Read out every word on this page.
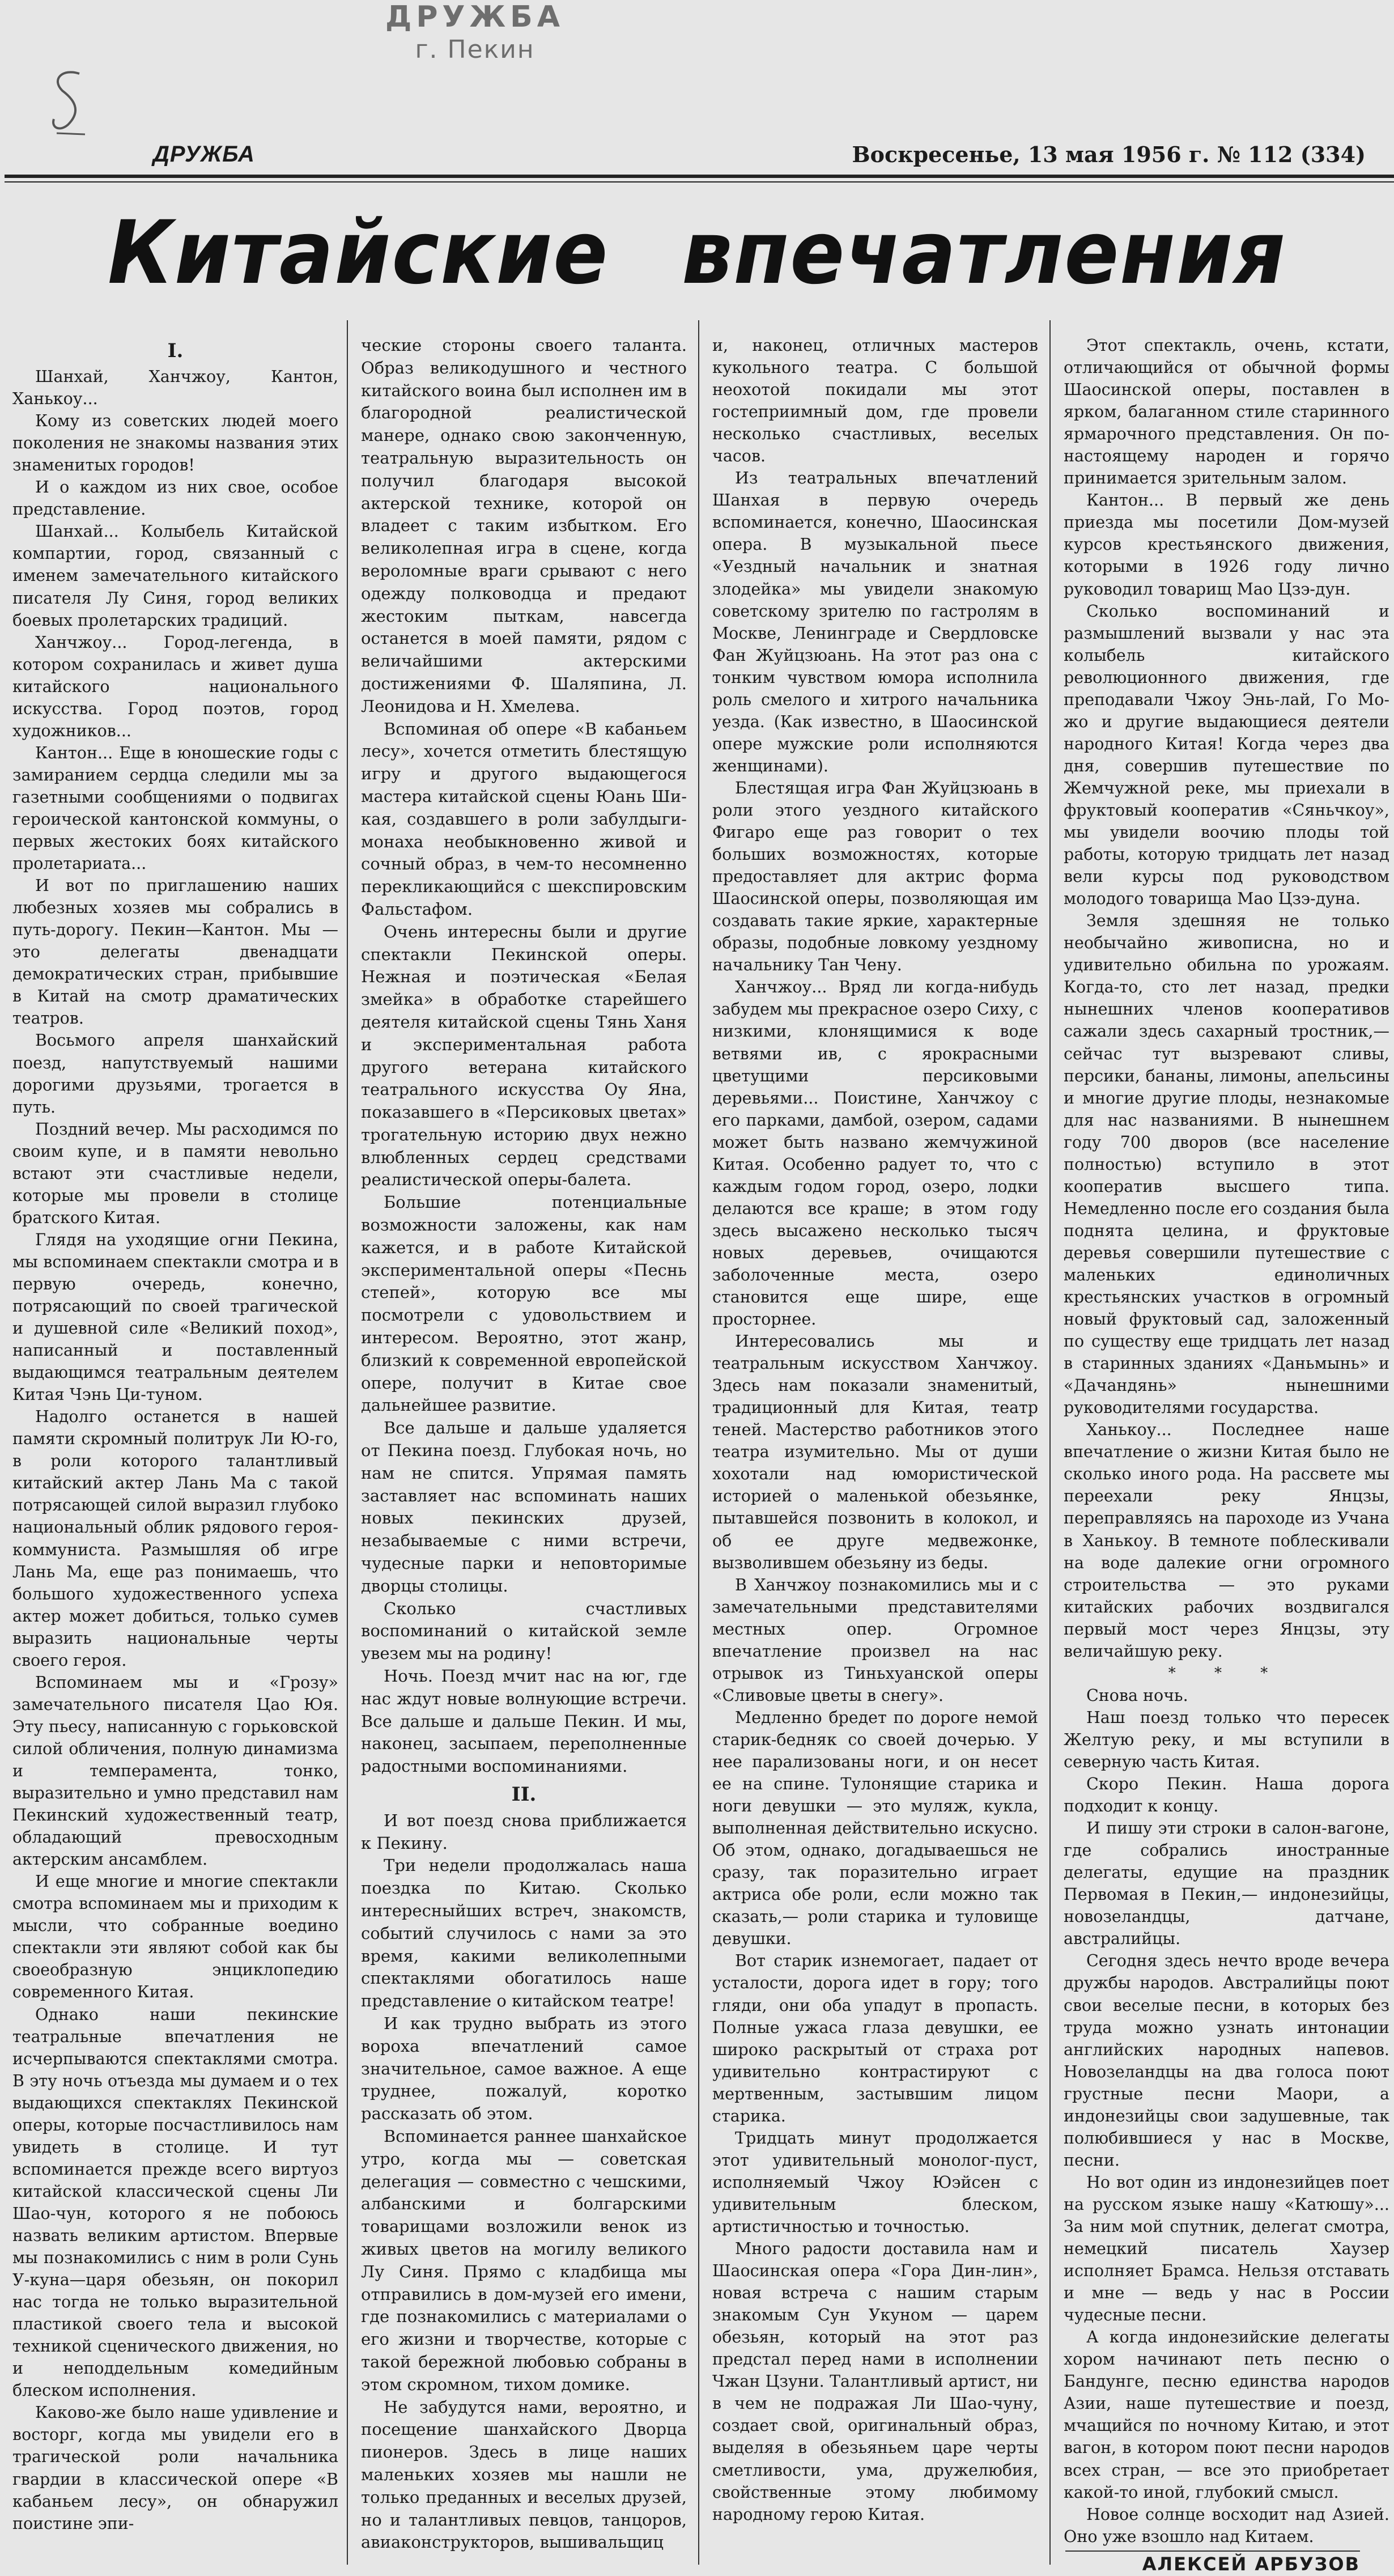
ДРУЖБА
г. Пекин
ДРУЖБА	Воскресенье, 13 мая 1956 г. № 112 (334)
Китайские впечатления

I.

Шанхай, Ханчжоу, Кантон, Ханькоу...

Кому из советских людей моего поколения не знакомы названия этих знаменитых городов!

И о каждом из них свое, особое представление.

Шанхай... Колыбель Китайской компартии, город, связанный с именем замечательного китайского писателя Лу Синя, город великих боевых пролетарских традиций.

Ханчжоу... Город-легенда, в котором сохранилась и живет душа китайского национального искусства. Город поэтов, город художников...

Кантон... Еще в юношеские годы с замиранием сердца следили мы за газетными сообщениями о подвигах героической кантонской коммуны, о первых жестоких боях китайского пролетариата...

И вот по приглашению наших любезных хозяев мы собрались в путь-дорогу. Пекин—Кантон. Мы — это делегаты двенадцати демократических стран, прибывшие в Китай на смотр драматических театров.

Восьмого апреля шанхайский поезд, напутствуемый нашими дорогими друзьями, трогается в путь.

Поздний вечер. Мы расходимся по своим купе, и в памяти невольно встают эти счастливые недели, которые мы провели в столице братского Китая.

Глядя на уходящие огни Пекина, мы вспоминаем спектакли смотра и в первую очередь, конечно, потрясающий по своей трагической и душевной силе «Великий поход», написанный и поставленный выдающимся театральным деятелем Китая Чэнь Ци-туном.

Надолго останется в нашей памяти скромный политрук Ли Ю-го, в роли которого талантливый китайский актер Лань Ма с такой потрясающей силой выразил глубоко национальный облик рядового героя-коммуниста. Размышляя об игре Лань Ма, еще раз понимаешь, что большого художественного успеха актер может добиться, только сумев выразить национальные черты своего героя.

Вспоминаем мы и «Грозу» замечательного писателя Цао Юя. Эту пьесу, написанную с горьковской силой обличения, полную динамизма и темперамента, тонко, выразительно и умно представил нам Пекинский художественный театр, обладающий превосходным актерским ансамблем.

И еще многие и многие спектакли смотра вспоминаем мы и приходим к мысли, что собранные воедино спектакли эти являют собой как бы своеобразную энциклопедию современного Китая.

Однако наши пекинские театральные впечатления не исчерпываются спектаклями смотра. В эту ночь отъезда мы думаем и о тех выдающихся спектаклях Пекинской оперы, которые посчастливилось нам увидеть в столице. И тут вспоминается прежде всего виртуоз китайской классической сцены Ли Шао-чун, которого я не побоюсь назвать великим артистом. Впервые мы познакомились с ним в роли Сунь У-куна—царя обезьян, он покорил нас тогда не только выразительной пластикой своего тела и высокой техникой сценического движения, но и неподдельным комедийным блеском исполнения.

Каково-же было наше удивление и восторг, когда мы увидели его в трагической роли начальника гвардии в классической опере «В кабаньем лесу», он обнаружил поистине эпи-

ческие стороны своего таланта. Образ великодушного и честного китайского воина был исполнен им в благородной реалистической манере, однако свою законченную, театральную выразительность он получил благодаря высокой актерской технике, которой он владеет с таким избытком. Его великолепная игра в сцене, когда вероломные враги срывают с него одежду полководца и предают жестоким пыткам, навсегда останется в моей памяти, рядом с величайшими актерскими достижениями Ф. Шаляпина, Л. Леонидова и Н. Хмелева.

Вспоминая об опере «В кабаньем лесу», хочется отметить блестящую игру и другого выдающегося мастера китайской сцены Юань Ши-кая, создавшего в роли забулдыги-монаха необыкновенно живой и сочный образ, в чем-то несомненно перекликающийся с шекспировским Фальстафом.

Очень интересны были и другие спектакли Пекинской оперы. Нежная и поэтическая «Белая змейка» в обработке старейшего деятеля китайской сцены Тянь Ханя и экспериментальная работа другого ветерана китайского театрального искусства Оу Яна, показавшего в «Персиковых цветах» трогательную историю двух нежно влюбленных сердец средствами реалистической оперы-балета.

Большие потенциальные возможности заложены, как нам кажется, и в работе Китайской экспериментальной оперы «Песнь степей», которую все мы посмотрели с удовольствием и интересом. Вероятно, этот жанр, близкий к современной европейской опере, получит в Китае свое дальнейшее развитие.

Все дальше и дальше удаляется от Пекина поезд. Глубокая ночь, но нам не спится. Упрямая память заставляет нас вспоминать наших новых пекинских друзей, незабываемые с ними встречи, чудесные парки и неповторимые дворцы столицы.

Сколько счастливых воспоминаний о китайской земле увезем мы на родину!

Ночь. Поезд мчит нас на юг, где нас ждут новые волнующие встречи. Все дальше и дальше Пекин. И мы, наконец, засыпаем, переполненные радостными воспоминаниями.

II.

И вот поезд снова приближается к Пекину.

Три недели продолжалась наша поездка по Китаю. Сколько интересныйших встреч, знакомств, событий случилось с нами за это время, какими великолепными спектаклями обогатилось наше представление о китайском театре!

И как трудно выбрать из этого вороха впечатлений самое значительное, самое важное. А еще труднее, пожалуй, коротко рассказать об этом.

Вспоминается раннее шанхайское утро, когда мы — советская делегация — совместно с чешскими, албанскими и болгарскими товарищами возложили венок из живых цветов на могилу великого Лу Синя. Прямо с кладбища мы отправились в дом-музей его имени, где познакомились с материалами о его жизни и творчестве, которые с такой бережной любовью собраны в этом скромном, тихом домике.

Не забудутся нами, вероятно, и посещение шанхайского Дворца пионеров. Здесь в лице наших маленьких хозяев мы нашли не только преданных и веселых друзей, но и талантливых певцов, танцоров, авиаконструкторов, вышивальщиц

и, наконец, отличных мастеров кукольного театра. С большой неохотой покидали мы этот гостеприимный дом, где провели несколько счастливых, веселых часов.

Из театральных впечатлений Шанхая в первую очередь вспоминается, конечно, Шаосинская опера. В музыкальной пьесе «Уездный начальник и знатная злодейка» мы увидели знакомую советскому зрителю по гастролям в Москве, Ленинграде и Свердловске Фан Жуйцзюань. На этот раз она с тонким чувством юмора исполнила роль смелого и хитрого начальника уезда. (Как известно, в Шаосинской опере мужские роли исполняются женщинами).

Блестящая игра Фан Жуйцзюань в роли этого уездного китайского Фигаро еще раз говорит о тех больших возможностях, которые предоставляет для актрис форма Шаосинской оперы, позволяющая им создавать такие яркие, характерные образы, подобные ловкому уездному начальнику Тан Чену.

Ханчжоу... Вряд ли когда-нибудь забудем мы прекрасное озеро Сиху, с низкими, клонящимися к воде ветвями ив, с ярокрасными цветущими персиковыми деревьями... Поистине, Ханчжоу с его парками, дамбой, озером, садами может быть названо жемчужиной Китая. Особенно радует то, что с каждым годом город, озеро, лодки делаются все краше; в этом году здесь высажено несколько тысяч новых деревьев, очищаются заболоченные места, озеро становится еще шире, еще просторнее.

Интересовались мы и театральным искусством Ханчжоу. Здесь нам показали знаменитый, традиционный для Китая, театр теней. Мастерство работников этого театра изумительно. Мы от души хохотали над юмористической историей о маленькой обезьянке, пытавшейся позвонить в колокол, и об ее друге медвежонке, вызволившем обезьяну из беды.

В Ханчжоу познакомились мы и с замечательными представителями местных опер. Огромное впечатление произвел на нас отрывок из Тиньхуанской оперы «Сливовые цветы в снегу».

Медленно бредет по дороге немой старик-бедняк со своей дочерью. У нее парализованы ноги, и он несет ее на спине. Тулонящие старика и ноги девушки — это муляж, кукла, выполненная действительно искусно. Об этом, однако, догадываешься не сразу, так поразительно играет актриса обе роли, если можно так сказать,— роли старика и туловище девушки.

Вот старик изнемогает, падает от усталости, дорога идет в гору; того гляди, они оба упадут в пропасть. Полные ужаса глаза девушки, ее широко раскрытый от страха рот удивительно контрастируют с мертвенным, застывшим лицом старика.

Тридцать минут продолжается этот удивительный монолог-пуст, исполняемый Чжоу Юэйсен с удивительным блеском, артистичностью и точностью.

Много радости доставила нам и Шаосинская опера «Гора Дин-лин», новая встреча с нашим старым знакомым Сун Укуном — царем обезьян, который на этот раз предстал перед нами в исполнении Чжан Цзуни. Талантливый артист, ни в чем не подражая Ли Шао-чуну, создает свой, оригинальный образ, выделяя в обезьяньем царе черты сметливости, ума, дружелюбия, свойственные этому любимому народному герою Китая.

Этот спектакль, очень, кстати, отличающийся от обычной формы Шаосинской оперы, поставлен в ярком, балаганном стиле старинного ярмарочного представления. Он по-настоящему народен и горячо принимается зрительным залом.

Кантон... В первый же день приезда мы посетили Дом-музей курсов крестьянского движения, которыми в 1926 году лично руководил товарищ Мао Цзэ-дун.

Сколько воспоминаний и размышлений вызвали у нас эта колыбель китайского революционного движения, где преподавали Чжоу Энь-лай, Го Мо-жо и другие выдающиеся деятели народного Китая! Когда через два дня, совершив путешествие по Жемчужной реке, мы приехали в фруктовый кооператив «Сяньчкоу», мы увидели воочию плоды той работы, которую тридцать лет назад вели курсы под руководством молодого товарища Мао Цзэ-дуна.

Земля здешняя не только необычайно живописна, но и удивительно обильна по урожаям. Когда-то, сто лет назад, предки нынешних членов кооперативов сажали здесь сахарный тростник,— сейчас тут вызревают сливы, персики, бананы, лимоны, апельсины и многие другие плоды, незнакомые для нас названиями. В нынешнем году 700 дворов (все население полностью) вступило в этот кооператив высшего типа. Немедленно после его создания была поднята целина, и фруктовые деревья совершили путешествие с маленьких единоличных крестьянских участков в огромный новый фруктовый сад, заложенный по существу еще тридцать лет назад в старинных зданиях «Даньмынь» и «Дачандянь» нынешними руководителями государства.

Ханькоу... Последнее наше впечатление о жизни Китая было не сколько иного рода. На рассвете мы переехали реку Янцзы, переправляясь на пароходе из Учана в Ханькоу. В темноте поблескивали на воде далекие огни огромного строительства — это руками китайских рабочих воздвигался первый мост через Янцзы, эту величайшую реку.

* * *

Снова ночь.

Наш поезд только что пересек Желтую реку, и мы вступили в северную часть Китая.

Скоро Пекин. Наша дорога подходит к концу.

И пишу эти строки в салон-вагоне, где собрались иностранные делегаты, едущие на праздник Первомая в Пекин,— индонезийцы, новозеландцы, датчане, австралийцы.

Сегодня здесь нечто вроде вечера дружбы народов. Австралийцы поют свои веселые песни, в которых без труда можно узнать интонации английских народных напевов. Новозеландцы на два голоса поют грустные песни Маори, а индонезийцы свои задушевные, так полюбившиеся у нас в Москве, песни.

Но вот один из индонезийцев поет на русском языке нашу «Катюшу»... За ним мой спутник, делегат смотра, немецкий писатель Хаузер исполняет Брамса. Нельзя отставать и мне — ведь у нас в России чудесные песни.

А когда индонезийские делегаты хором начинают петь песню о Бандунге, песню единства народов Азии, наше путешествие и поезд, мчащийся по ночному Китаю, и этот вагон, в котором поют песни народов всех стран, — все это приобретает какой-то иной, глубокий смысл.

Новое солнце восходит над Азией. Оно уже взошло над Китаем.

АЛЕКСЕЙ АРБУЗОВ
